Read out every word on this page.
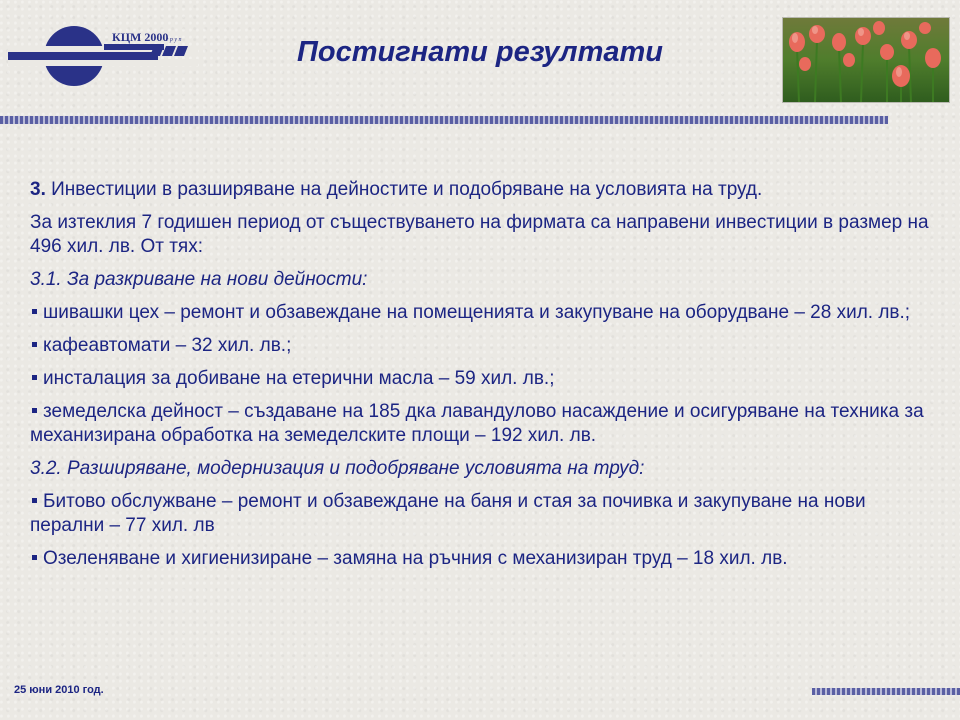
КЦМ 2000
г р у п	Постигнати резултати

3. Инвестиции в разширяване на дейностите и подобряване на условията на труд.

За изтеклия 7 годишен период от съществуването на фирмата са направени инвестиции в размер на 496 хил. лв. От тях:

3.1. За разкриване на нови дейности:

шивашки цех – ремонт и обзавеждане на помещенията и закупуване на оборудване – 28 хил. лв.;

кафеавтомати – 32 хил. лв.;

инсталация за добиване на етерични масла – 59 хил. лв.;

земеделска дейност – създаване на 185 дка лавандулово насаждение и осигуряване на техника за механизирана обработка на земеделските площи – 192 хил. лв.

3.2. Разширяване, модернизация и подобряване условията на труд:

Битово обслужване – ремонт и обзавеждане на баня и стая за почивка и закупуване на нови перални – 77 хил. лв

Озеленяване и хигиенизиране – замяна на ръчния с механизиран труд – 18 хил. лв.

25 юни 2010 год.
